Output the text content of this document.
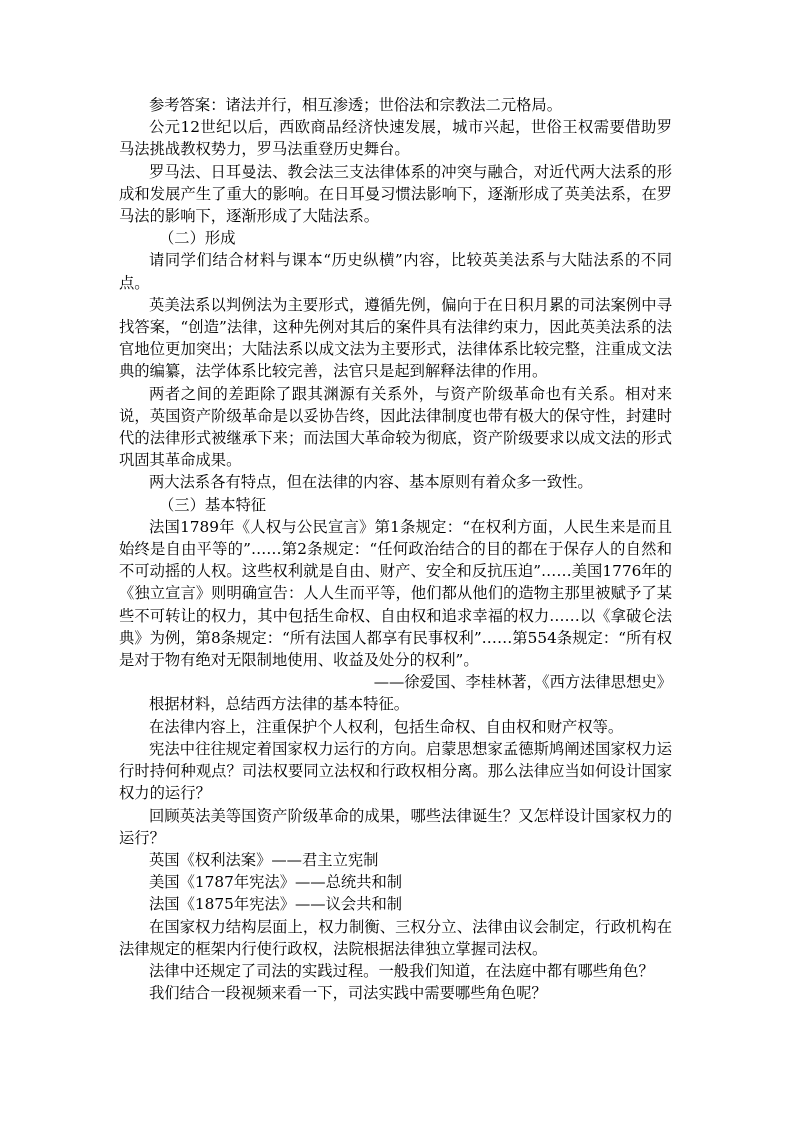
参考答案：诸法并行，相互渗透；世俗法和宗教法二元格局。

公元12世纪以后，西欧商品经济快速发展，城市兴起，世俗王权需要借助罗马法挑战教权势力，罗马法重登历史舞台。

罗马法、日耳曼法、教会法三支法律体系的冲突与融合，对近代两大法系的形成和发展产生了重大的影响。在日耳曼习惯法影响下，逐渐形成了英美法系，在罗马法的影响下，逐渐形成了大陆法系。

（二）形成

请同学们结合材料与课本“历史纵横”内容，比较英美法系与大陆法系的不同点。

英美法系以判例法为主要形式，遵循先例，偏向于在日积月累的司法案例中寻找答案，“创造”法律，这种先例对其后的案件具有法律约束力，因此英美法系的法官地位更加突出；大陆法系以成文法为主要形式，法律体系比较完整，注重成文法典的编纂，法学体系比较完善，法官只是起到解释法律的作用。

两者之间的差距除了跟其渊源有关系外，与资产阶级革命也有关系。相对来说，英国资产阶级革命是以妥协告终，因此法律制度也带有极大的保守性，封建时代的法律形式被继承下来；而法国大革命较为彻底，资产阶级要求以成文法的形式巩固其革命成果。

两大法系各有特点，但在法律的内容、基本原则有着众多一致性。

（三）基本特征

法国1789年《人权与公民宣言》第1条规定：“在权利方面，人民生来是而且始终是自由平等的”……第2条规定：“任何政治结合的目的都在于保存人的自然和不可动摇的人权。这些权利就是自由、财产、安全和反抗压迫”……美国1776年的《独立宣言》则明确宣告：人人生而平等，他们都从他们的造物主那里被赋予了某些不可转让的权力，其中包括生命权、自由权和追求幸福的权力……以《拿破仑法典》为例，第8条规定：“所有法国人都享有民事权利”……第554条规定：“所有权是对于物有绝对无限制地使用、收益及处分的权利”。

——徐爱国、李桂林著，《西方法律思想史》

根据材料，总结西方法律的基本特征。

在法律内容上，注重保护个人权利，包括生命权、自由权和财产权等。

宪法中往往规定着国家权力运行的方向。启蒙思想家孟德斯鸠阐述国家权力运行时持何种观点？司法权要同立法权和行政权相分离。那么法律应当如何设计国家权力的运行？

回顾英法美等国资产阶级革命的成果，哪些法律诞生？又怎样设计国家权力的运行？

英国《权利法案》——君主立宪制

美国《1787年宪法》——总统共和制

法国《1875年宪法》——议会共和制

在国家权力结构层面上，权力制衡、三权分立、法律由议会制定，行政机构在法律规定的框架内行使行政权，法院根据法律独立掌握司法权。

法律中还规定了司法的实践过程。一般我们知道，在法庭中都有哪些角色？

我们结合一段视频来看一下，司法实践中需要哪些角色呢？
